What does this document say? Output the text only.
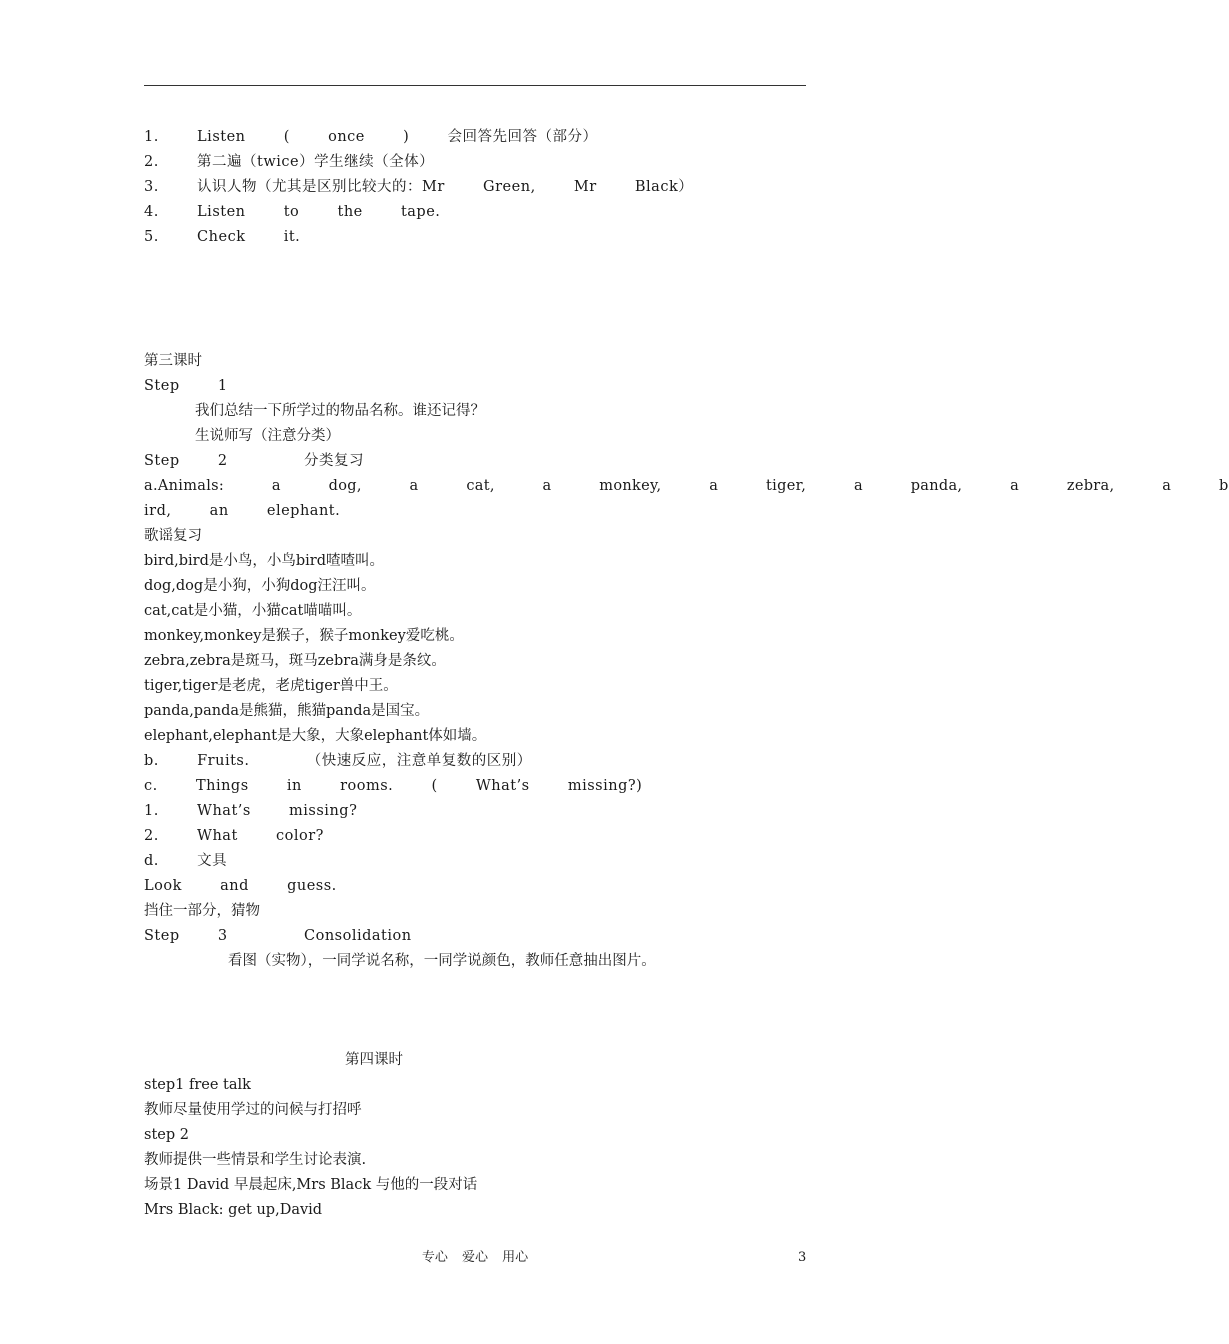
1.  Listen  (  once  )  会回答先回答（部分）
2.  第二遍（twice）学生继续（全体）
3.  认识人物（尤其是区别比较大的：Mr  Green,  Mr  Black）
4.  Listen  to  the  tape.
5.  Check  it.
第三课时
Step  1
我们总结一下所学过的物品名称。谁还记得？
生说师写（注意分类）
Step  2    分类复习
a.Animals:  a  dog,  a  cat,  a  monkey,  a  tiger,  a  panda,  a  zebra,  a  b
ird,  an  elephant.
歌谣复习
bird,bird是小鸟，小鸟bird喳喳叫。
dog,dog是小狗，小狗dog汪汪叫。
cat,cat是小猫，小猫cat喵喵叫。
monkey,monkey是猴子，猴子monkey爱吃桃。
zebra,zebra是斑马，斑马zebra满身是条纹。
tiger,tiger是老虎，老虎tiger兽中王。
panda,panda是熊猫，熊猫panda是国宝。
elephant,elephant是大象，大象elephant体如墙。
b.  Fruits.   （快速反应，注意单复数的区别）
c.  Things  in  rooms.  (  What’s  missing?)
1.  What’s  missing?
2.  What  color?
d.  文具
Look  and  guess.
挡住一部分，猜物
Step  3    Consolidation
看图（实物），一同学说名称，一同学说颜色，教师任意抽出图片。
第四课时
step1 free talk
教师尽量使用学过的问候与打招呼
step 2
教师提供一些情景和学生讨论表演.
场景1 David 早晨起床,Mrs Black 与他的一段对话
Mrs Black: get up,David
专心 爱心 用心	3
